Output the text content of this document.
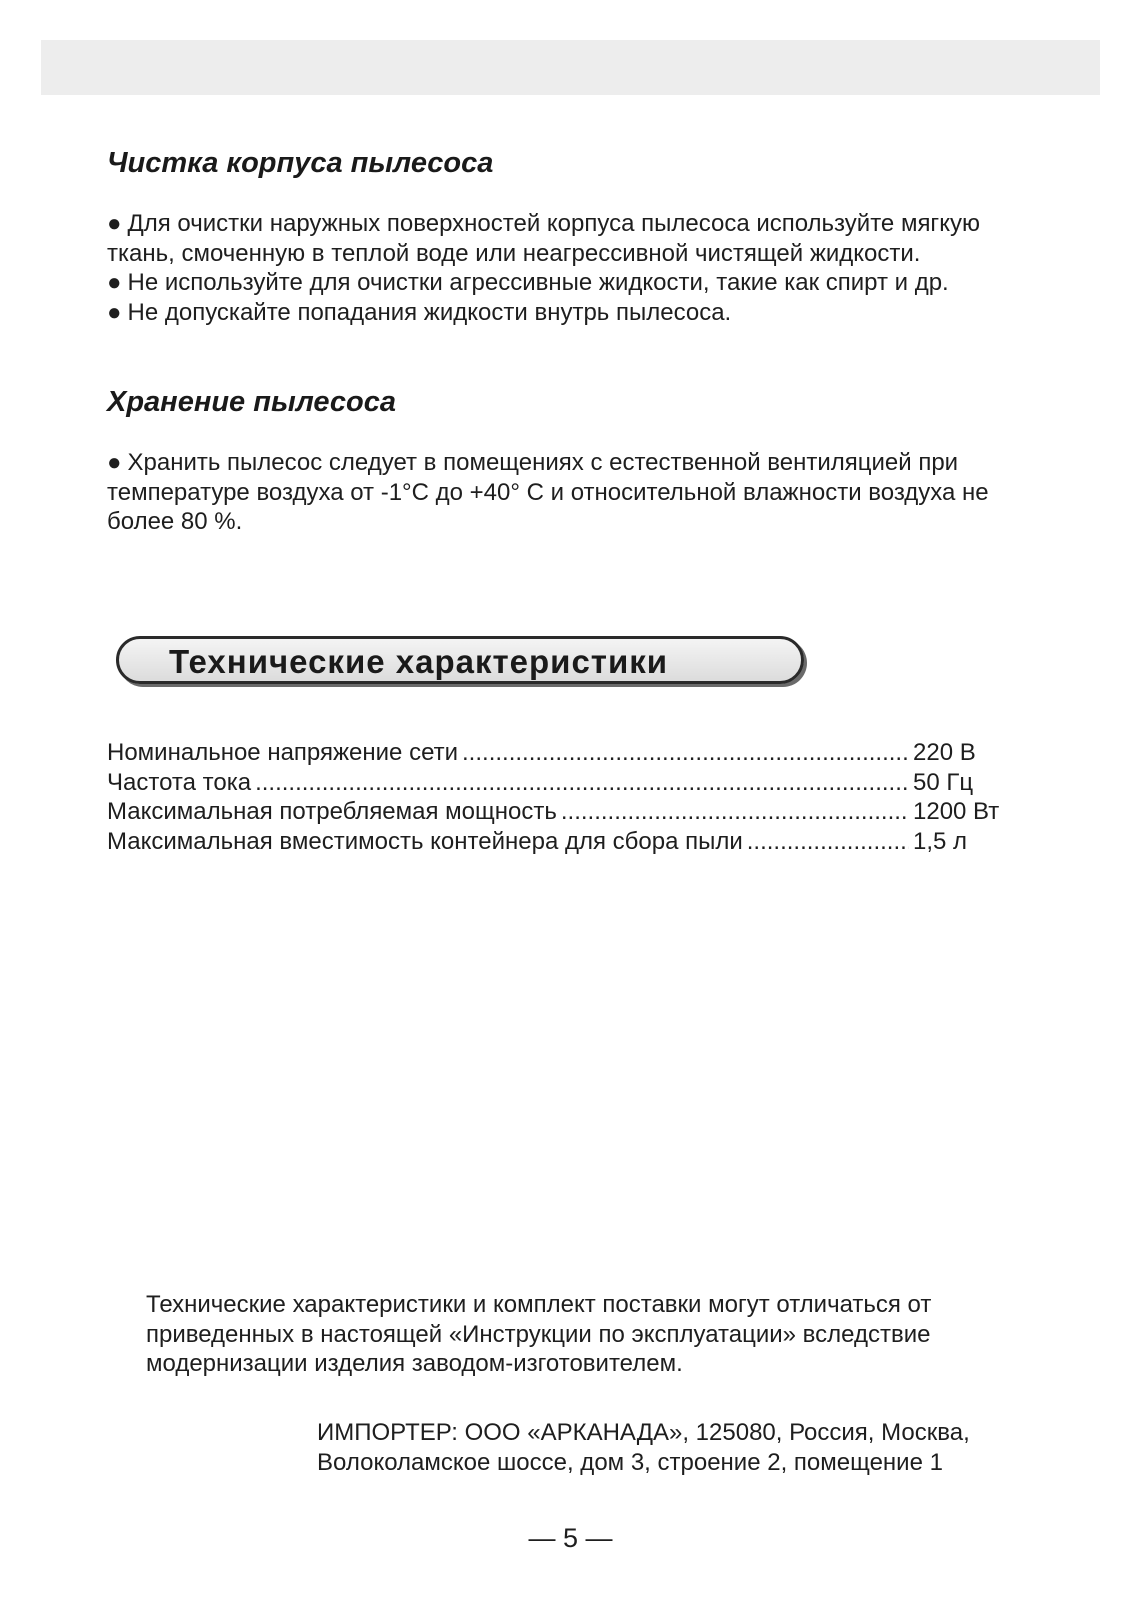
Чистка корпуса пылесоса
● Для очистки наружных поверхностей корпуса пылесоса используйте мягкую ткань, смоченную в теплой воде или неагрессивной чистящей жидкости.
● Не используйте для очистки агрессивные жидкости, такие как спирт и др.
● Не допускайте попадания жидкости внутрь пылесоса.
Хранение пылесоса
● Хранить пылесос следует в помещениях с естественной вентиляцией при температуре воздуха от -1°С до +40° С и относительной влажности воздуха не более 80 %.
Технические характеристики
Номинальное напряжение сети .....	220 В
Частота тока .....	50 Гц
Максимальная потребляемая мощность .....	1200 Вт
Максимальная вместимость контейнера для сбора пыли .....	1,5 л

Технические характеристики и комплект поставки могут отличаться от приведенных в настоящей «Инструкции по эксплуатации» вследствие модернизации изделия заводом-изготовителем.

ИМПОРТЕР: ООО «АРКАНАДА», 125080, Россия, Москва,
Волоколамское шоссе, дом 3, строение 2, помещение 1
— 5 —
